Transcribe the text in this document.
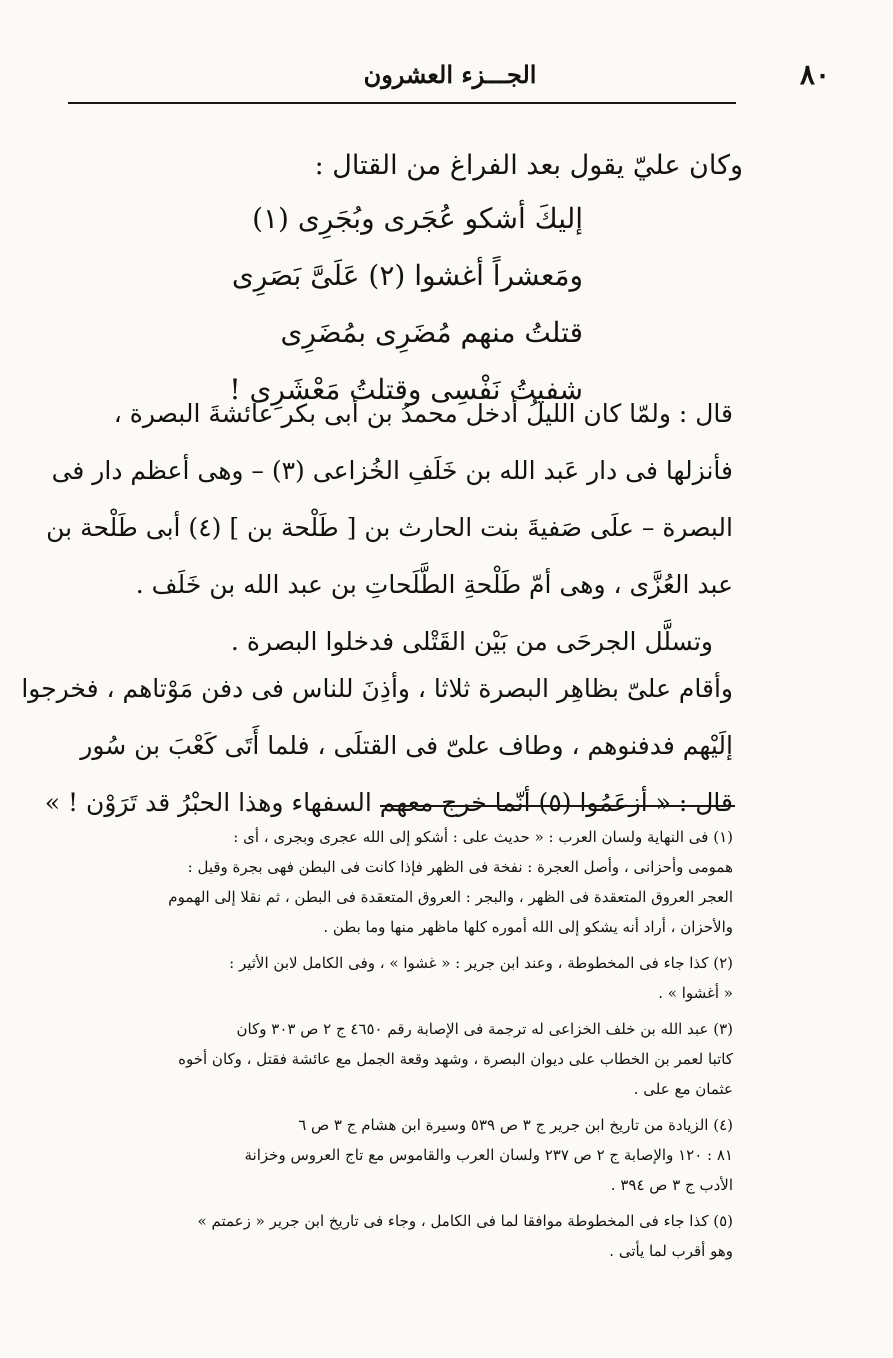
٨٠
الجـــزء العشرون
وكان عليّ يقول بعد الفراغ من القتال :
إليكَ أشكو عُجَرى وبُجَرِى (١)
ومَعشراً أغشوا (٢) عَلَىَّ بَصَرِى
قتلتُ منهم مُضَرِى بمُضَرِى
شفيتُ نَفْسِى وقتلتُ مَعْشَرِى !
قال : ولمّا كان الليلُ أدخل محمدُ بن أبى بكر عائشةَ البصرة ،
فأنزلها فى دار عَبد الله بن خَلَفِ الخُزاعى (٣) – وهى أعظم دار فى
البصرة – علَى صَفيةَ بنت الحارث بن [ طَلْحة بن ] (٤) أبى طَلْحة بن
عبد العُزَّى ، وهى أمّ طَلْحةِ الطَّلَحاتِ بن عبد الله بن خَلَف .
وتسلَّل الجرحَى من بَيْن القَتْلى فدخلوا البصرة .
وأقام علىّ بظاهِر البصرة ثلاثا ، وأذِنَ للناس فى دفن مَوْتاهم ، فخرجوا
إلَيْهم فدفنوهم ، وطاف علىّ فى القتلَى ، فلما أَتَى كَعْبَ بن سُور
قال : « أزعَمُوا (٥) أنّما خرج معهم السفهاء وهذا الحبْرُ قد تَرَوْن ! »
(١) فى النهاية ولسان العرب : « حديث على : أشكو إلى الله عجرى وبجرى ، أى :
همومى وأحزانى ، وأصل العجرة : نفخة فى الظهر فإذا كانت فى البطن فهى بجرة وقيل :
العجر العروق المتعقدة فى الظهر ، والبجر : العروق المتعقدة فى البطن ، ثم نقلا إلى الهموم
والأحزان ، أراد أنه يشكو إلى الله أموره كلها ماظهر منها وما بطن .
(٢) كذا جاء فى المخطوطة ، وعند ابن جرير : « غشوا » ، وفى الكامل لابن الأثير :
« أغشوا » .
(٣) عبد الله بن خلف الخزاعى له ترجمة فى الإصابة رقم ٤٦٥٠ ج ٢ ص ٣٠٣ وكان
كاتبا لعمر بن الخطاب على ديوان البصرة ، وشهد وقعة الجمل مع عائشة فقتل ، وكان أخوه
عثمان مع على .
(٤) الزيادة من تاريخ ابن جرير ج ٣ ص ٥٣٩ وسيرة ابن هشام ج ٣ ص ٦
٨١ : ١٢٠ والإصابة ج ٢ ص ٢٣٧ ولسان العرب والقاموس مع تاج العروس وخزانة
الأدب ج ٣ ص ٣٩٤ .
(٥) كذا جاء فى المخطوطة موافقا لما فى الكامل ، وجاء فى تاريخ ابن جرير « زعمتم »
وهو أقرب لما يأتى .
